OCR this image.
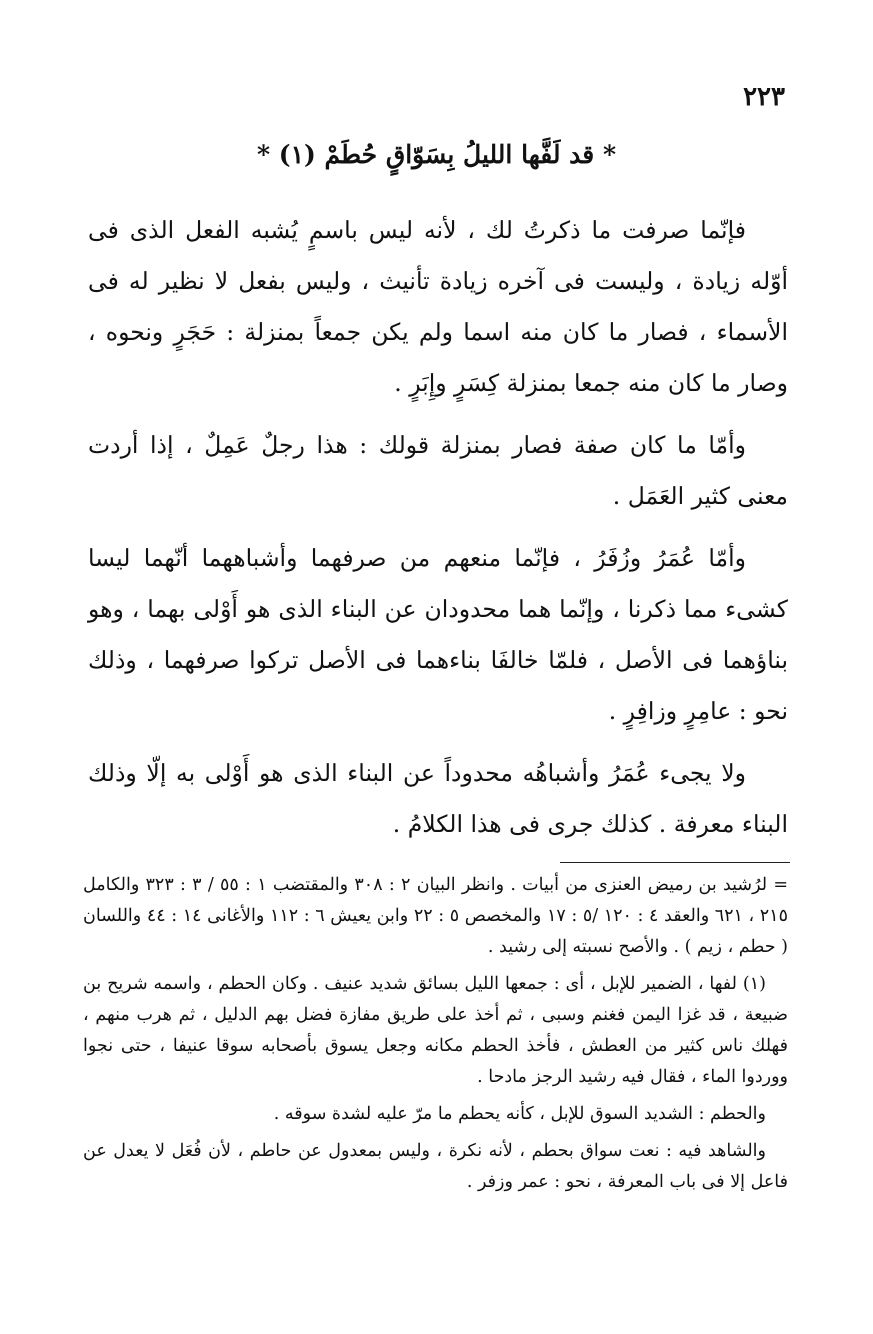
٢٢٣
* قد لَفَّها الليلُ بِسَوّاقٍ حُطَمْ (١) *

فإنّما صرفت ما ذكرتُ لك ، لأنه ليس باسمٍ يُشبه الفعل الذى فى أوّله زيادة ، وليست فى آخره زيادة تأنيث ، وليس بفعل لا نظير له فى الأسماء ، فصار ما كان منه اسما ولم يكن جمعاً بمنزلة : حَجَرٍ ونحوه ، وصار ما كان منه جمعا بمنزلة كِسَرٍ وإِبَرٍ .

وأمّا ما كان صفة فصار بمنزلة قولك : هذا رجلٌ عَمِلٌ ، إذا أردت معنى كثير العَمَل .

وأمّا عُمَرُ وزُفَرُ ، فإنّما منعهم من صرفهما وأشباههما أنّهما ليسا كشىء مما ذكرنا ، وإنّما هما محدودان عن البناء الذى هو أَوْلى بهما ، وهو بناؤهما فى الأصل ، فلمّا خالفَا بناءهما فى الأصل تركوا صرفهما ، وذلك نحو : عامِرٍ وزافِرٍ .

ولا يجىء عُمَرُ وأشباهُه محدوداً عن البناء الذى هو أَوْلى به إلّا وذلك البناء معرفة . كذلك جرى فى هذا الكلامُ .

= لرُشيد بن رميض العنزى من أبيات . وانظر البيان ٢ : ٣٠٨ والمقتضب ١ : ٥٥ / ٣ : ٣٢٣ والكامل ٢١٥ ، ٦٢١ والعقد ٤ : ١٢٠ /٥ : ١٧ والمخصص ٥ : ٢٢ وابن يعيش ٦ : ١١٢ والأغانى ١٤ : ٤٤ واللسان ( حطم ، زيم ) . والأصح نسبته إلى رشيد .

(١) لفها ، الضمير للإبل ، أى : جمعها الليل بسائق شديد عنيف . وكان الحطم ، واسمه شريح بن ضبيعة ، قد غزا اليمن فغنم وسبى ، ثم أخذ على طريق مفازة فضل بهم الدليل ، ثم هرب منهم ، فهلك ناس كثير من العطش ، فأخذ الحطم مكانه وجعل يسوق بأصحابه سوقا عنيفا ، حتى نجوا ووردوا الماء ، فقال فيه رشيد الرجز مادحا .

والحطم : الشديد السوق للإبل ، كأنه يحطم ما مرّ عليه لشدة سوقه .

والشاهد فيه : نعت سواق بحطم ، لأنه نكرة ، وليس بمعدول عن حاطم ، لأن فُعَل لا يعدل عن فاعل إلا فى باب المعرفة ، نحو : عمر وزفر .
